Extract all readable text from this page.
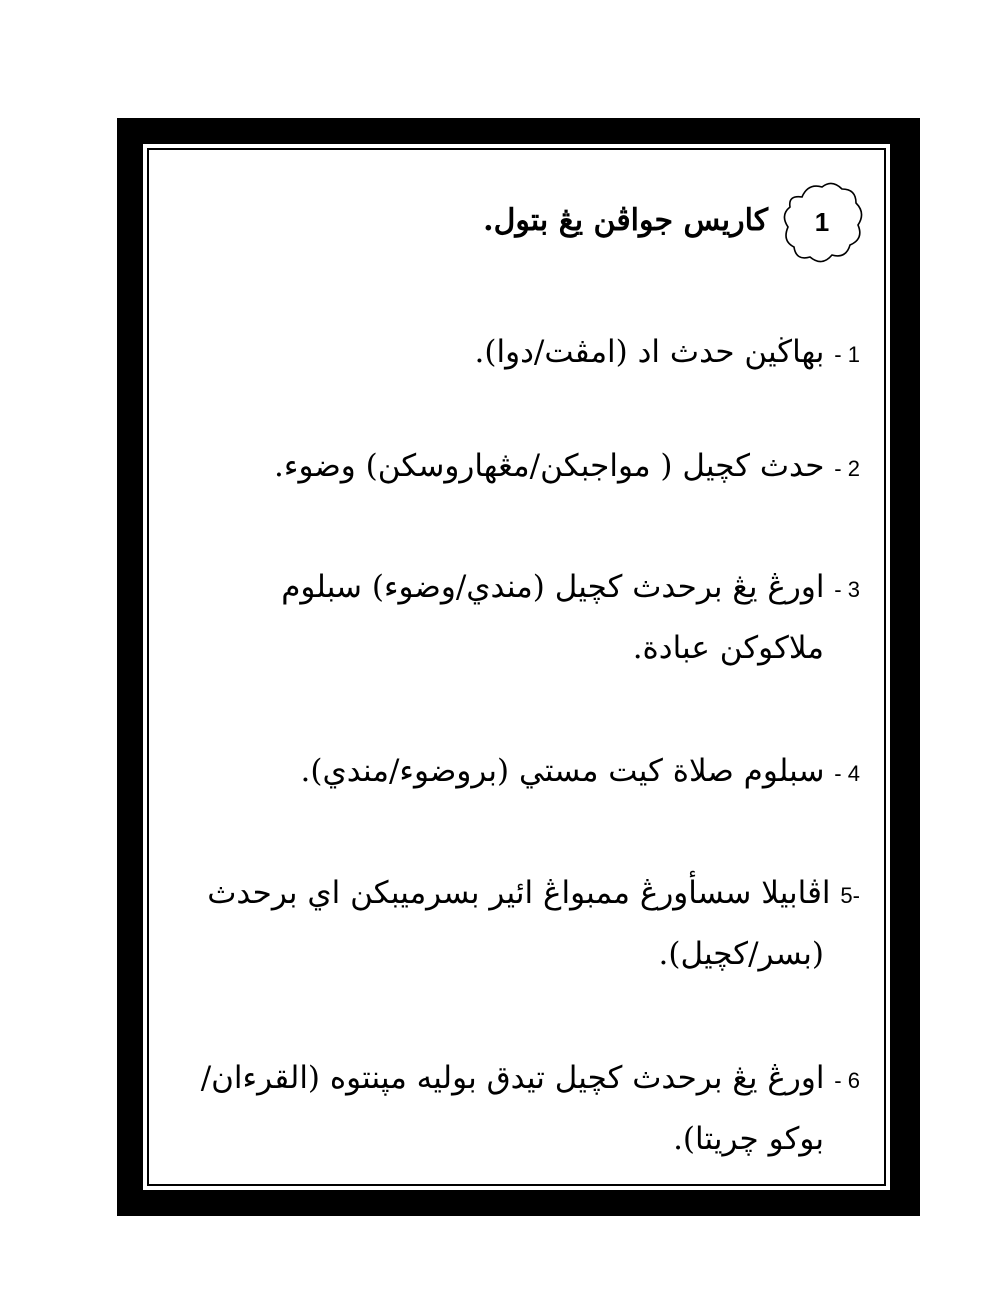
1
کاريس جواڤن يڠ بتول.
1 - بهاڬين حدث اد (امڤت/دوا).
2 - حدث کچيل ( مواجبکن/مڠهاروسکن) وضوء.
3 - اورڠ يڠ برحدث کچيل (مندي/وضوء) سبلوم
ملاکوکن عبادة.
4 - سبلوم صلاة کيت مستي (بروضوء/مندي).
-5 اڤابيلا سسأورڠ ممبواڠ ائير بسرميبکن اي برحدث
(بسر/کچيل).
6 - اورڠ يڠ برحدث کچيل تيدق بوليه مپنتوه (القرءان/
بوکو چريتا).
